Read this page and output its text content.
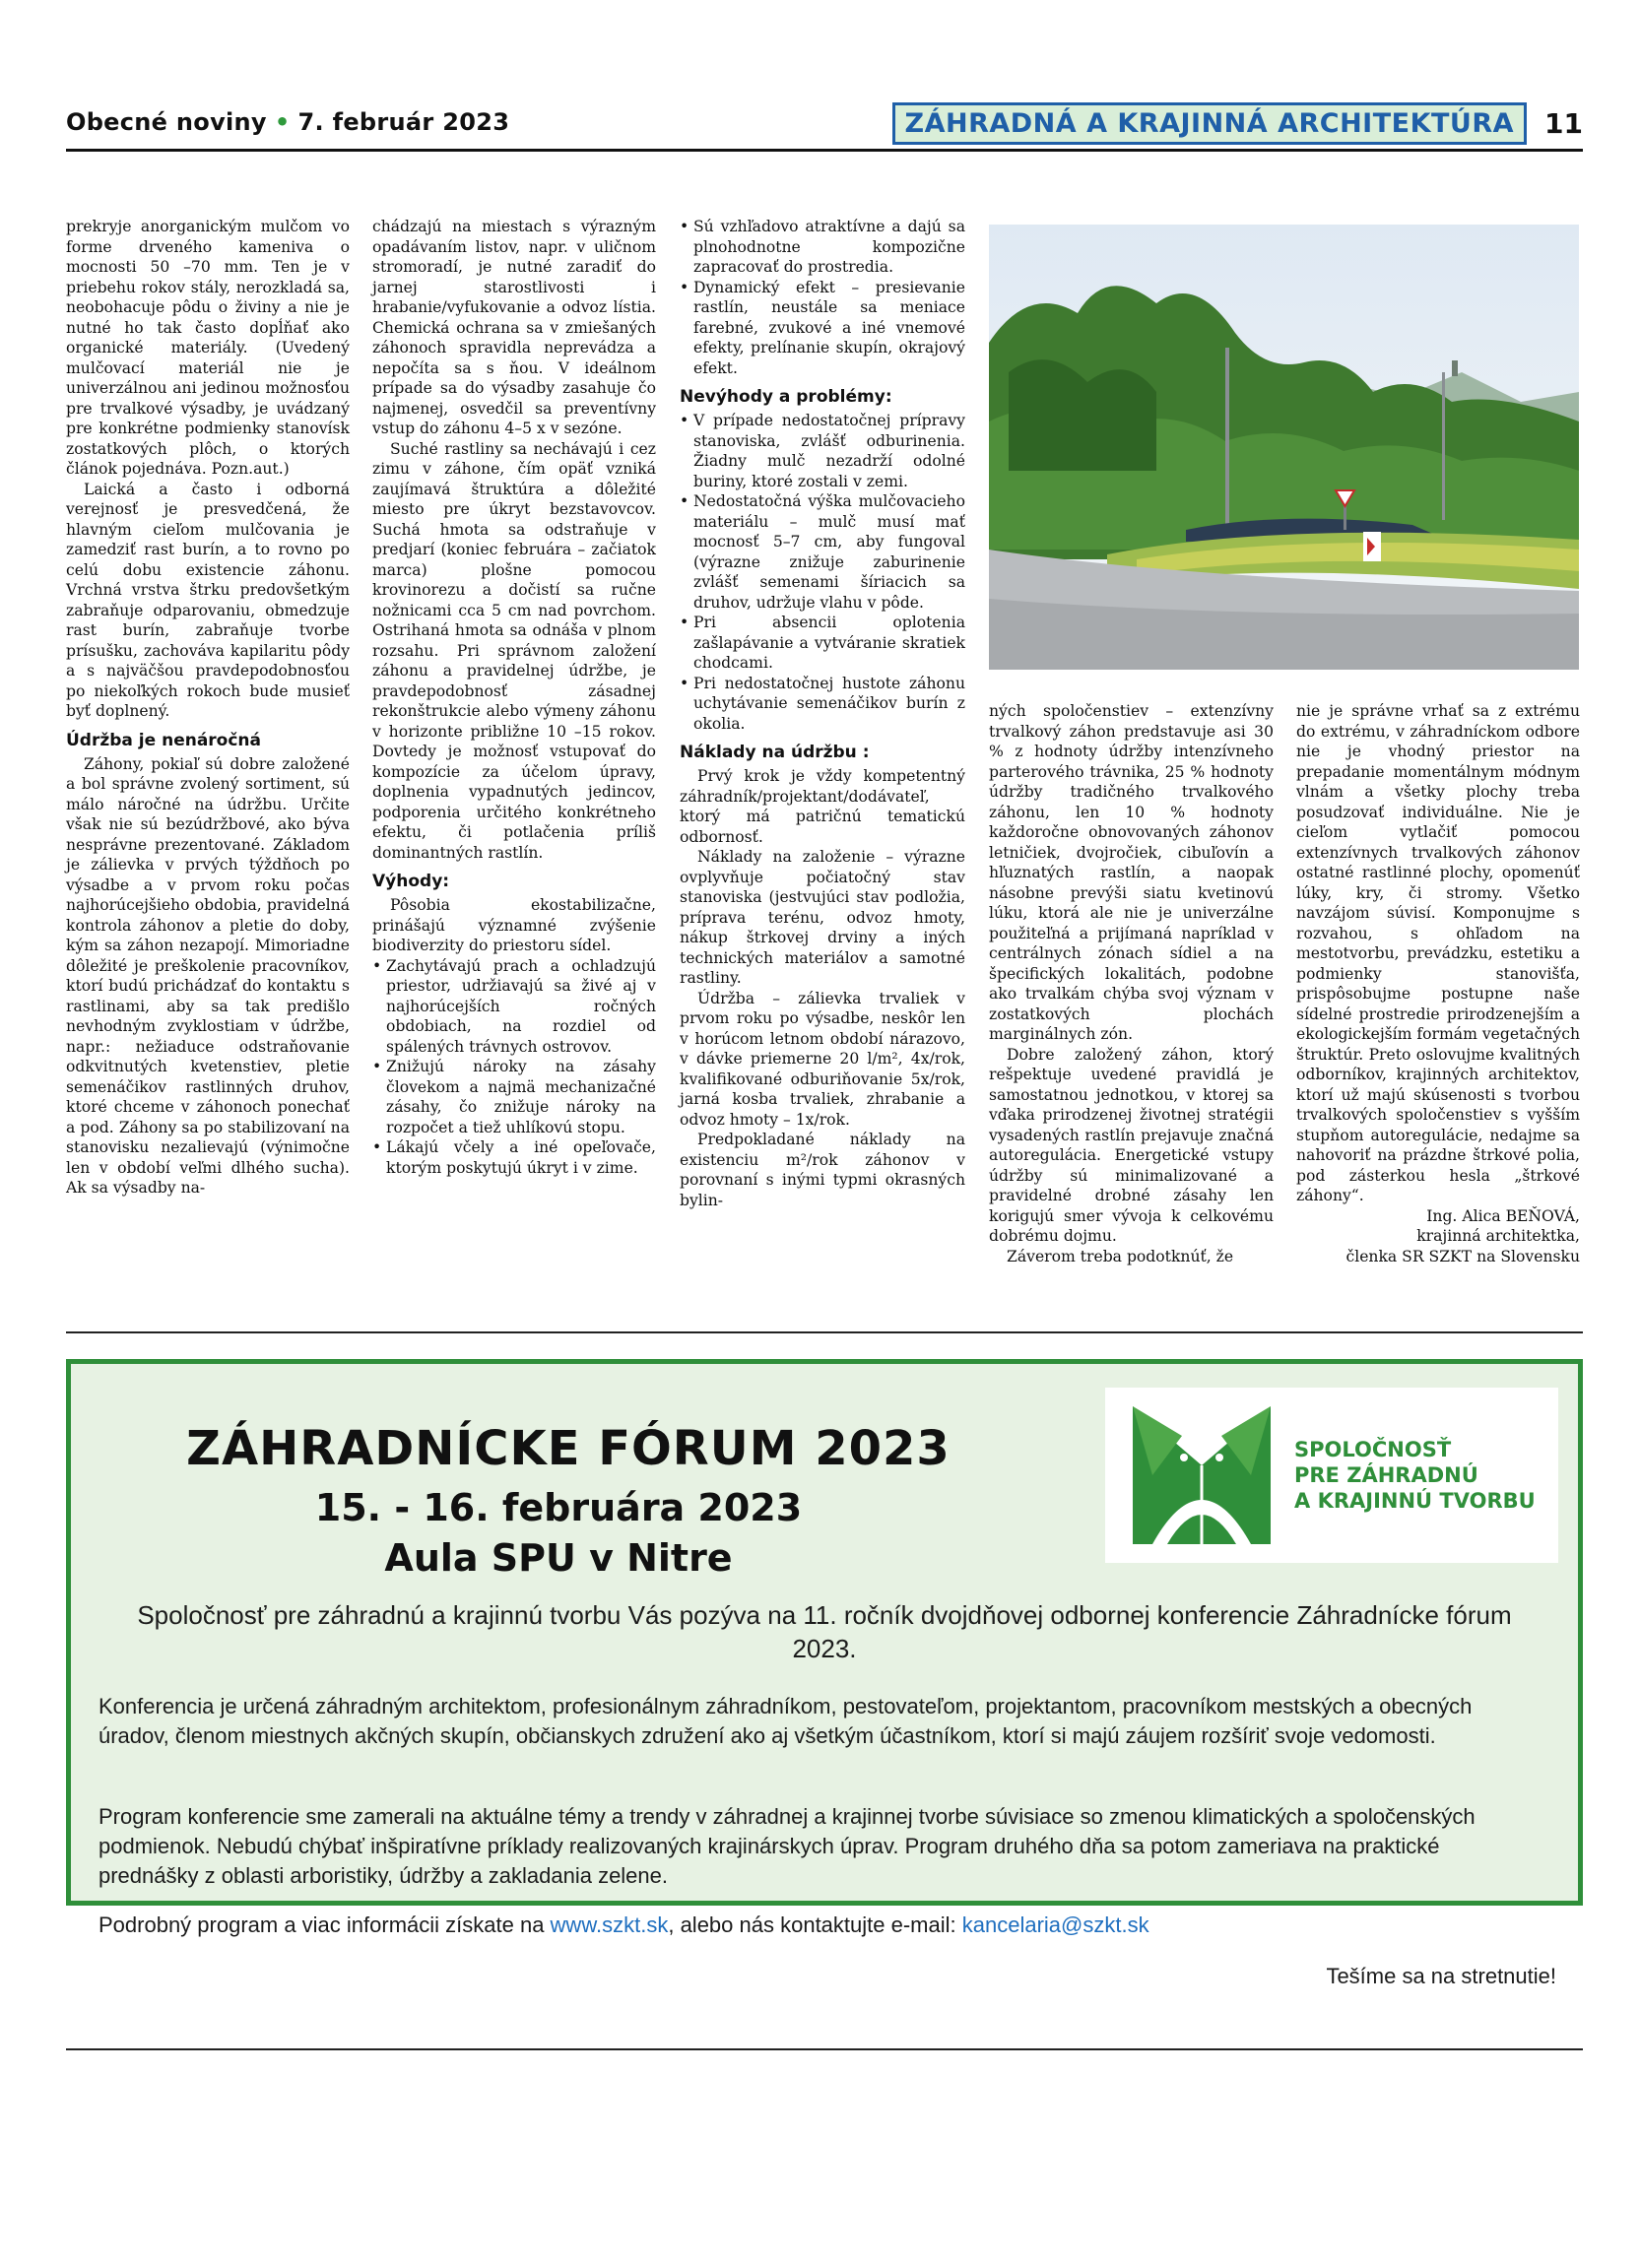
Obecné noviny • 7. február 2023	ZÁHRADNÁ A KRAJINNÁ ARCHITEKTÚRA	11

prekryje anorganickým mulčom vo forme drveného kameniva o mocnosti 50 –70 mm. Ten je v priebehu rokov stály, nerozkladá sa, neobohacuje pôdu o živiny a nie je nutné ho tak často dopĺňať ako organické materiály. (Uvedený mulčovací materiál nie je univerzálnou ani jedinou možnosťou pre trvalkové výsadby, je uvádzaný pre konkrétne podmienky stanovísk zostatkových plôch, o ktorých článok pojednáva. Pozn.aut.)

Laická a často i odborná verejnosť je presvedčená, že hlavným cieľom mulčovania je zamedziť rast burín, a to rovno po celú dobu existencie záhonu. Vrchná vrstva štrku predovšetkým zabraňuje odparovaniu, obmedzuje rast burín, zabraňuje tvorbe prísušku, zachováva kapilaritu pôdy a s najväčšou pravdepodobnosťou po niekoľkých rokoch bude musieť byť doplnený.

Údržba je nenáročná

Záhony, pokiaľ sú dobre založené a bol správne zvolený sortiment, sú málo náročné na údržbu. Určite však nie sú bezúdržbové, ako býva nesprávne prezentované. Základom je zálievka v prvých týždňoch po výsadbe a v prvom roku počas najhorúcejšieho obdobia, pravidelná kontrola záhonov a pletie do doby, kým sa záhon nezapojí. Mimoriadne dôležité je preškolenie pracovníkov, ktorí budú prichádzať do kontaktu s rastlinami, aby sa tak predišlo nevhodným zvyklostiam v údržbe, napr.: nežiaduce odstraňovanie odkvitnutých kvetenstiev, pletie semenáčikov rastlinných druhov, ktoré chceme v záhonoch ponechať a pod. Záhony sa po stabilizovaní na stanovisku nezalievajú (výnimočne len v období veľmi dlhého sucha). Ak sa výsadby na-

chádzajú na miestach s výrazným opadávaním listov, napr. v uličnom stromoradí, je nutné zaradiť do jarnej starostlivosti i hrabanie/vyfukovanie a odvoz lístia. Chemická ochrana sa v zmiešaných záhonoch spravidla neprevádza a nepočíta sa s ňou. V ideálnom prípade sa do výsadby zasahuje čo najmenej, osvedčil sa preventívny vstup do záhonu 4–5 x v sezóne.

Suché rastliny sa nechávajú i cez zimu v záhone, čím opäť vzniká zaujímavá štruktúra a dôležité miesto pre úkryt bezstavovcov. Suchá hmota sa odstraňuje v predjarí (koniec februára – začiatok marca) plošne pomocou krovinorezu a dočistí sa ručne nožnicami cca 5 cm nad povrchom. Ostrihaná hmota sa odnáša v plnom rozsahu. Pri správnom založení záhonu a pravidelnej údržbe, je pravdepodobnosť zásadnej rekonštrukcie alebo výmeny záhonu v horizonte približne 10 –15 rokov. Dovtedy je možnosť vstupovať do kompozície za účelom úpravy, doplnenia vypadnutých jedincov, podporenia určitého konkrétneho efektu, či potlačenia príliš dominantných rastlín.

Výhody:

Pôsobia ekostabilizačne, prinášajú významné zvýšenie biodiverzity do priestoru sídel.

• Zachytávajú prach a ochladzujú priestor, udržiavajú sa živé aj v najhorúcejších ročných obdobiach, na rozdiel od spálených trávnych ostrovov.
• Znižujú nároky na zásahy človekom a najmä mechanizačné zásahy, čo znižuje nároky na rozpočet a tiež uhlíkovú stopu.
• Lákajú včely a iné opeľovače, ktorým poskytujú úkryt i v zime.
• Sú vzhľadovo atraktívne a dajú sa plnohodnotne kompozične zapracovať do prostredia.
• Dynamický efekt – presievanie rastlín, neustále sa meniace farebné, zvukové a iné vnemové efekty, prelínanie skupín, okrajový efekt.
Nevýhody a problémy:
• V prípade nedostatočnej prípravy stanoviska, zvlášť odburinenia. Žiadny mulč nezadrží odolné buriny, ktoré zostali v zemi.
• Nedostatočná výška mulčovacieho materiálu – mulč musí mať mocnosť 5–7 cm, aby fungoval (výrazne znižuje zaburinenie zvlášť semenami šíriacich sa druhov, udržuje vlahu v pôde.
• Pri absencii oplotenia zašlapávanie a vytváranie skratiek chodcami.
• Pri nedostatočnej hustote záhonu uchytávanie semenáčikov burín z okolia.
Náklady na údržbu :

Prvý krok je vždy kompetentný záhradník/projektant/dodávateľ, ktorý má patričnú tematickú odbornosť.

Náklady na založenie – výrazne ovplyvňuje počiatočný stav stanoviska (jestvujúci stav podložia, príprava terénu, odvoz hmoty, nákup štrkovej drviny a iných technických materiálov a samotné rastliny.

Údržba – zálievka trvaliek v prvom roku po výsadbe, neskôr len v horúcom letnom období nárazovo, v dávke priemerne 20 l/m², 4x/rok, kvalifikované odburiňovanie 5x/rok, jarná kosba trvaliek, zhrabanie a odvoz hmoty – 1x/rok.

Predpokladané náklady na existenciu m²/rok záhonov v porovnaní s inými typmi okrasných bylin-

ných spoločenstiev – extenzívny trvalkový záhon predstavuje asi 30 % z hodnoty údržby intenzívneho parterového trávnika, 25 % hodnoty údržby tradičného trvalkového záhonu, len 10 % hodnoty každoročne obnovovaných záhonov letničiek, dvojročiek, cibuľovín a hľuznatých rastlín, a naopak násobne prevýši siatu kvetinovú lúku, ktorá ale nie je univerzálne použiteľná a prijímaná napríklad v centrálnych zónach sídiel a na špecifických lokalitách, podobne ako trvalkám chýba svoj význam v zostatkových plochách marginálnych zón.

Dobre založený záhon, ktorý rešpektuje uvedené pravidlá je samostatnou jednotkou, v ktorej sa vďaka prirodzenej životnej stratégii vysadených rastlín prejavuje značná autoregulácia. Energetické vstupy údržby sú minimalizované a pravidelné drobné zásahy len korigujú smer vývoja k celkovému dobrému dojmu.

Záverom treba podotknúť, že

nie je správne vrhať sa z extrému do extrému, v záhradníckom odbore nie je vhodný priestor na prepadanie momentálnym módnym vlnám a všetky plochy treba posudzovať individuálne. Nie je cieľom vytlačiť pomocou extenzívnych trvalkových záhonov ostatné rastlinné plochy, opomenúť lúky, kry, či stromy. Všetko navzájom súvisí. Komponujme s rozvahou, s ohľadom na mestotvorbu, prevádzku, estetiku a podmienky stanovišťa, prispôsobujme postupne naše sídelné prostredie prirodzenejším a ekologickejším formám vegetačných štruktúr. Preto oslovujme kvalitných odborníkov, krajinných architektov, ktorí už majú skúsenosti s tvorbou trvalkových spoločenstiev s vyšším stupňom autoregulácie, nedajme sa nahovoriť na prázdne štrkové polia, pod zásterkou hesla „štrkové záhony“.

Ing. Alica BEŇOVÁ,

krajinná architektka,

členka SR SZKT na Slovensku

ZÁHRADNÍCKE FÓRUM 2023
15. - 16. februára 2023
Aula SPU v Nitre
SPOLOČNOSŤ
PRE ZÁHRADNÚ
A KRAJINNÚ TVORBU
Spoločnosť pre záhradnú a krajinnú tvorbu Vás pozýva na 11. ročník dvojdňovej odbornej konferencie Záhradnícke fórum 2023.
Konferencia je určená záhradným architektom, profesionálnym záhradníkom, pestovateľom, projektantom, pracovníkom mestských a obecných úradov, členom miestnych akčných skupín, občianskych združení ako aj všetkým účastníkom, ktorí si majú záujem rozšíriť svoje vedomosti.
Program konferencie sme zamerali na aktuálne témy a trendy v záhradnej a krajinnej tvorbe súvisiace so zmenou klimatických a spoločenských podmienok. Nebudú chýbať inšpiratívne príklady realizovaných krajinárskych úprav. Program druhého dňa sa potom zameriava na praktické prednášky z oblasti arboristiky, údržby a zakladania zelene.
Podrobný program a viac informácii získate na www.szkt.sk, alebo nás kontaktujte e-mail: kancelaria@szkt.sk
Tešíme sa na stretnutie!
